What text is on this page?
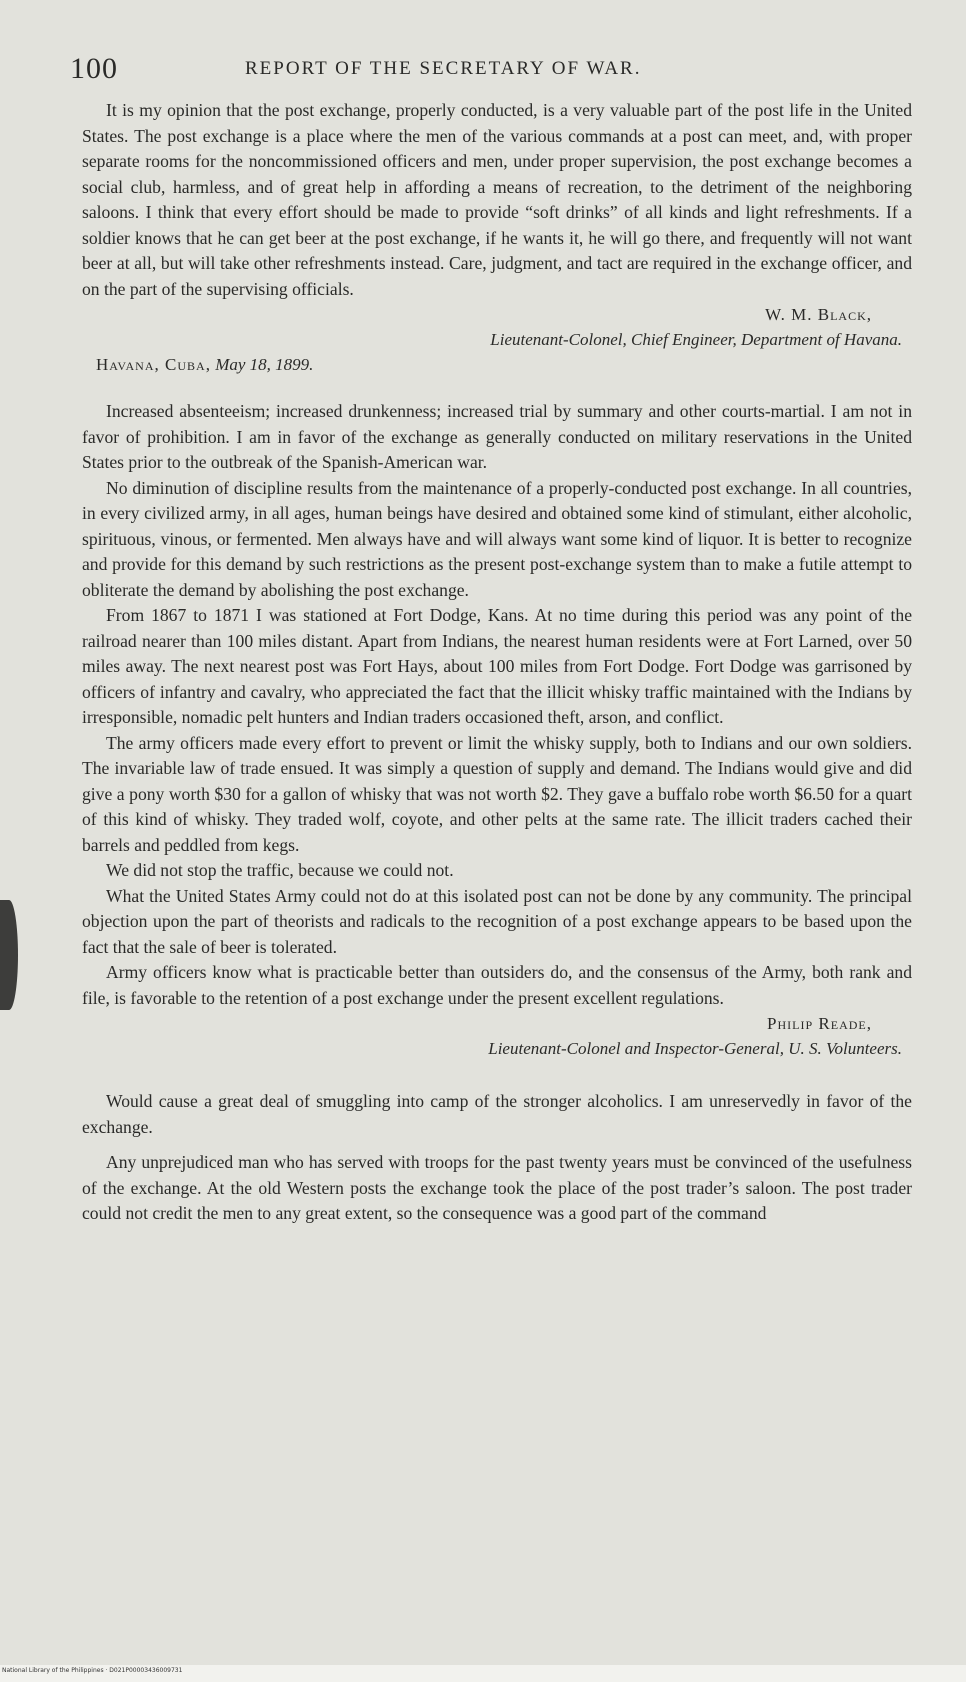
100	REPORT OF THE SECRETARY OF WAR.

It is my opinion that the post exchange, properly conducted, is a very valuable part of the post life in the United States. The post exchange is a place where the men of the various commands at a post can meet, and, with proper separate rooms for the noncommissioned officers and men, under proper supervision, the post exchange becomes a social club, harmless, and of great help in affording a means of recreation, to the detriment of the neighboring saloons. I think that every effort should be made to provide “soft drinks” of all kinds and light refreshments. If a soldier knows that he can get beer at the post exchange, if he wants it, he will go there, and frequently will not want beer at all, but will take other refreshments instead. Care, judgment, and tact are required in the exchange officer, and on the part of the supervising officials.

W. M. Black,
Lieutenant-Colonel, Chief Engineer, Department of Havana.
Havana, Cuba, May 18, 1899.

Increased absenteeism; increased drunkenness; increased trial by summary and other courts-martial. I am not in favor of prohibition. I am in favor of the exchange as generally conducted on military reservations in the United States prior to the outbreak of the Spanish-American war.

No diminution of discipline results from the maintenance of a properly-conducted post exchange. In all countries, in every civilized army, in all ages, human beings have desired and obtained some kind of stimulant, either alcoholic, spirituous, vinous, or fermented. Men always have and will always want some kind of liquor. It is better to recognize and provide for this demand by such restrictions as the present post-exchange system than to make a futile attempt to obliterate the demand by abolishing the post exchange.

From 1867 to 1871 I was stationed at Fort Dodge, Kans. At no time during this period was any point of the railroad nearer than 100 miles distant. Apart from Indians, the nearest human residents were at Fort Larned, over 50 miles away. The next nearest post was Fort Hays, about 100 miles from Fort Dodge. Fort Dodge was garrisoned by officers of infantry and cavalry, who appreciated the fact that the illicit whisky traffic maintained with the Indians by irresponsible, nomadic pelt hunters and Indian traders occasioned theft, arson, and conflict.

The army officers made every effort to prevent or limit the whisky supply, both to Indians and our own soldiers. The invariable law of trade ensued. It was simply a question of supply and demand. The Indians would give and did give a pony worth $30 for a gallon of whisky that was not worth $2. They gave a buffalo robe worth $6.50 for a quart of this kind of whisky. They traded wolf, coyote, and other pelts at the same rate. The illicit traders cached their barrels and peddled from kegs.

We did not stop the traffic, because we could not.

What the United States Army could not do at this isolated post can not be done by any community. The principal objection upon the part of theorists and radicals to the recognition of a post exchange appears to be based upon the fact that the sale of beer is tolerated.

Army officers know what is practicable better than outsiders do, and the consensus of the Army, both rank and file, is favorable to the retention of a post exchange under the present excellent regulations.

Philip Reade,
Lieutenant-Colonel and Inspector-General, U. S. Volunteers.

Would cause a great deal of smuggling into camp of the stronger alcoholics. I am unreservedly in favor of the exchange.

Any unprejudiced man who has served with troops for the past twenty years must be convinced of the usefulness of the exchange. At the old Western posts the exchange took the place of the post trader’s saloon. The post trader could not credit the men to any great extent, so the consequence was a good part of the command

National Library of the Philippines · D021P00003436009731
